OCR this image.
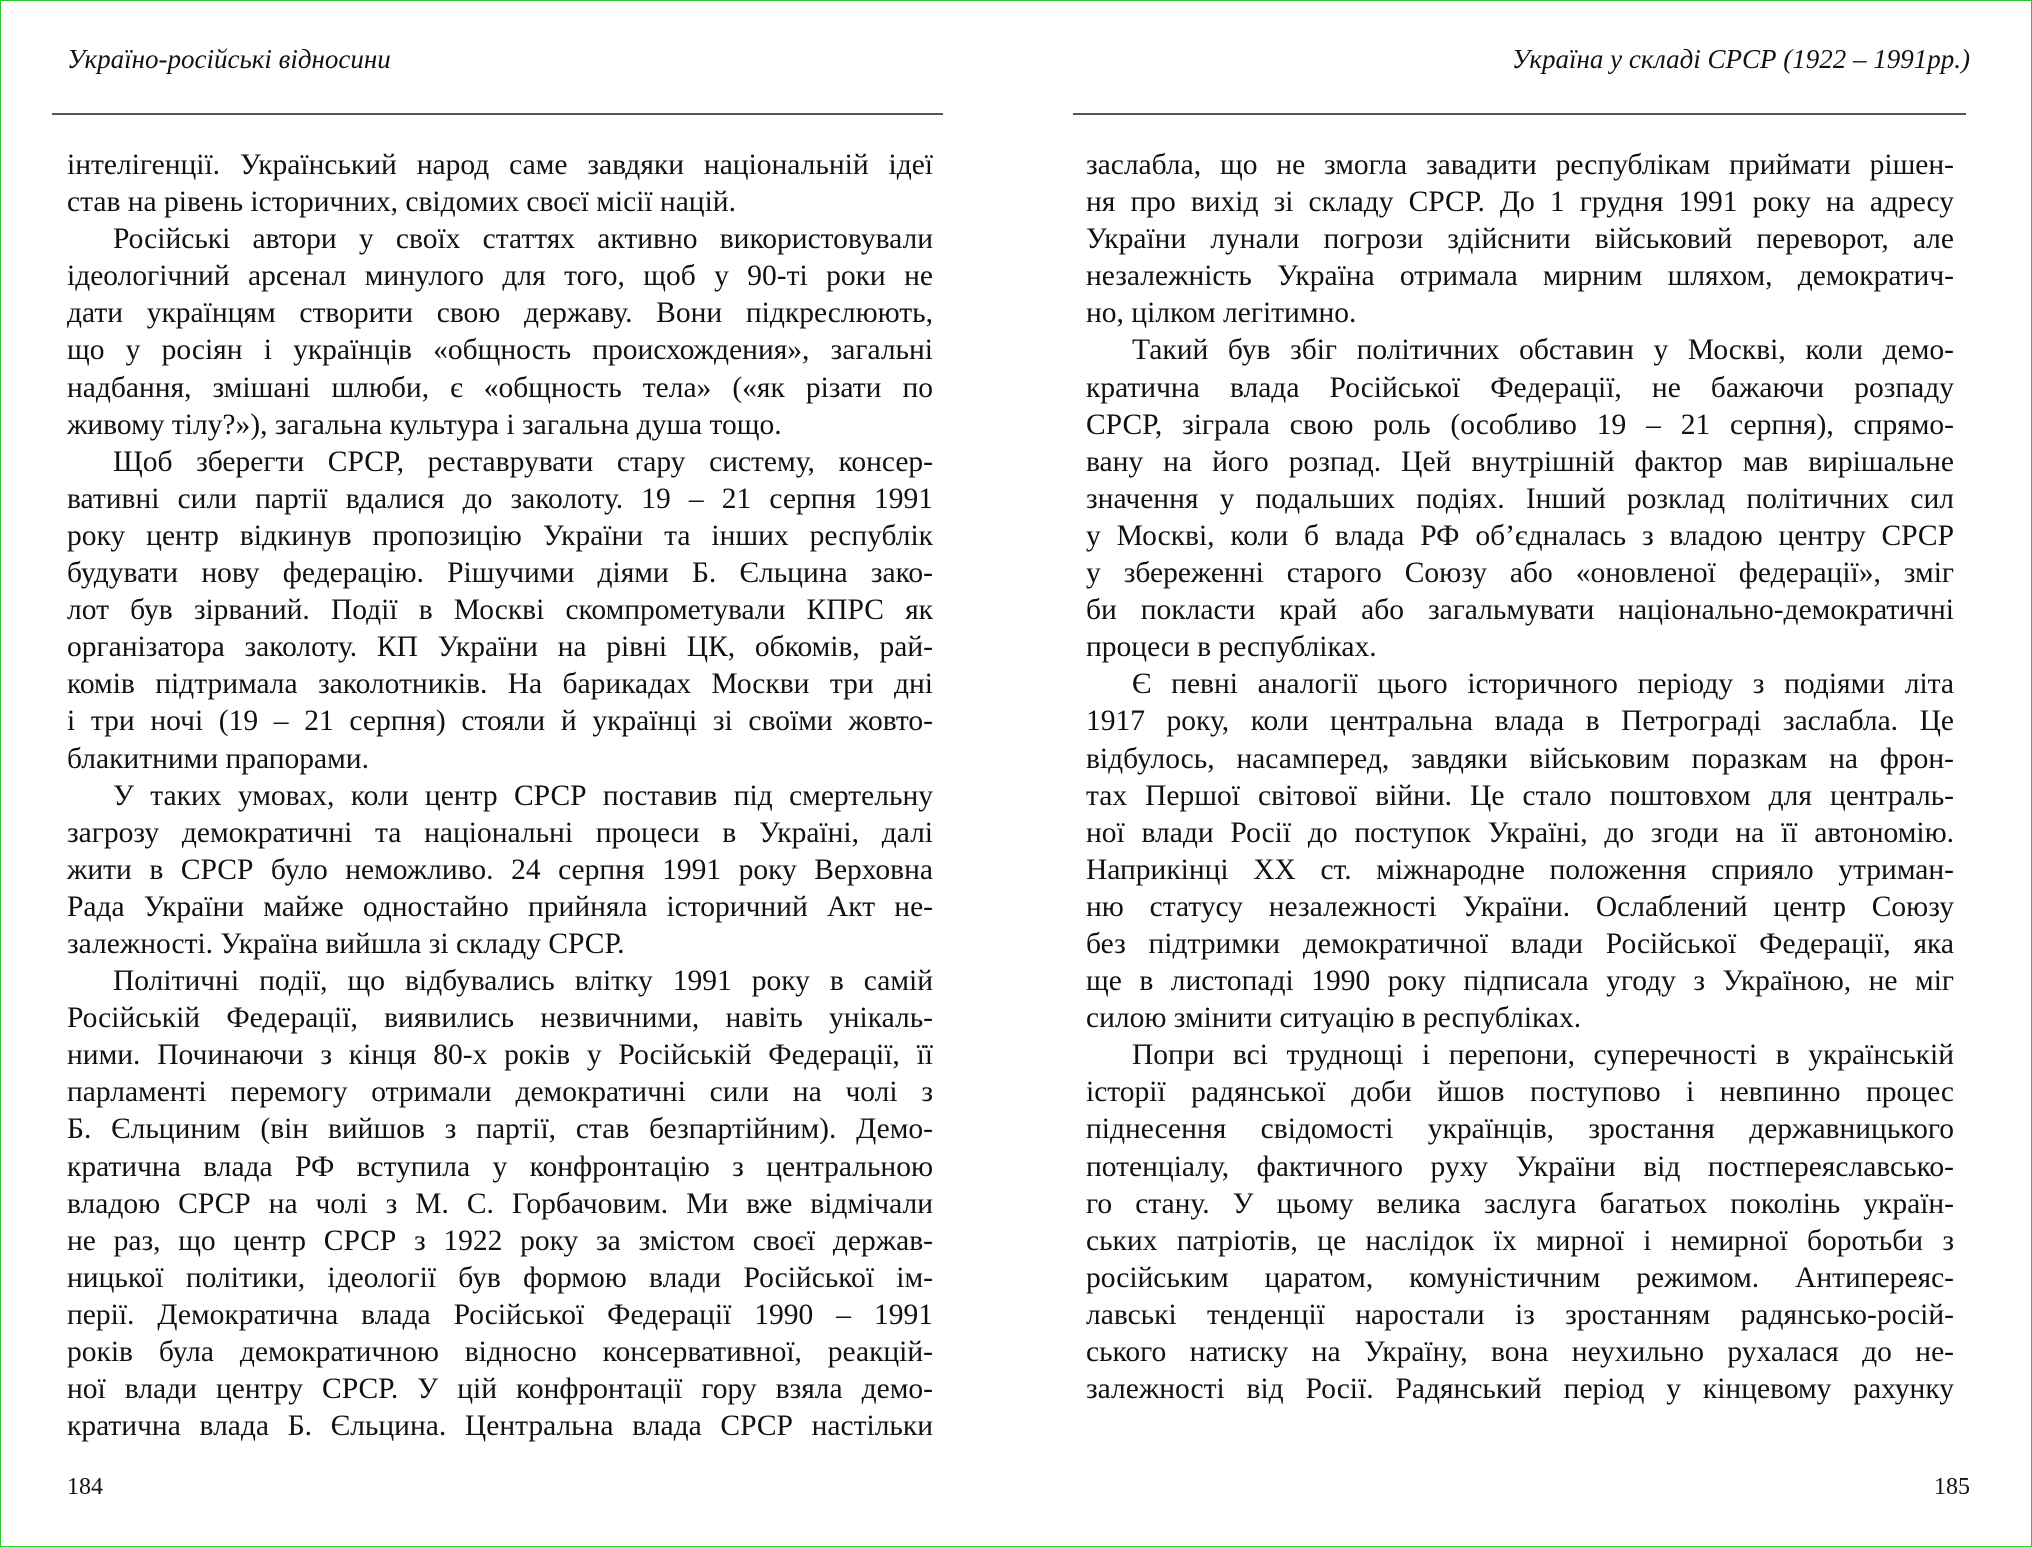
Україно-російські відносини
інтелігенції. Український народ саме завдяки національній ідеї
став на рівень історичних, свідомих своєї місії націй.
Російські автори у своїх статтях активно використовували
ідеологічний арсенал минулого для того, щоб у 90-ті роки не
дати українцям створити свою державу. Вони підкреслюють,
що у росіян і українців «общность происхождения», загальні
надбання, змішані шлюби, є «общность тела» («як різати по
живому тілу?»), загальна культура і загальна душа тощо.
Щоб зберегти СРСР, реставрувати стару систему, консер-
вативні сили партії вдалися до заколоту. 19 – 21 серпня 1991
року центр відкинув пропозицію України та інших республік
будувати нову федерацію. Рішучими діями Б. Єльцина зако-
лот був зірваний. Події в Москві скомпрометували КПРС як
організатора заколоту. КП України на рівні ЦК, обкомів, рай-
комів підтримала заколотників. На барикадах Москви три дні
і три ночі (19 – 21 серпня) стояли й українці зі своїми жовто-
блакитними прапорами.
У таких умовах, коли центр СРСР поставив під смертельну
загрозу демократичні та національні процеси в Україні, далі
жити в СРСР було неможливо. 24 серпня 1991 року Верховна
Рада України майже одностайно прийняла історичний Акт не-
залежності. Україна вийшла зі складу СРСР.
Політичні події, що відбувались влітку 1991 року в самій
Російській Федерації, виявились незвичними, навіть унікаль-
ними. Починаючи з кінця 80-х років у Російській Федерації, її
парламенті перемогу отримали демократичні сили на чолі з
Б. Єльциним (він вийшов з партії, став безпартійним). Демо-
кратична влада РФ вступила у конфронтацію з центральною
владою СРСР на чолі з М. С. Горбачовим. Ми вже відмічали
не раз, що центр СРСР з 1922 року за змістом своєї держав-
ницької політики, ідеології був формою влади Російської ім-
перії. Демократична влада Російської Федерації 1990 – 1991
років була демократичною відносно консервативної, реакцій-
ної влади центру СРСР. У цій конфронтації гору взяла демо-
кратична влада Б. Єльцина. Центральна влада СРСР настільки
184
Україна у складі СРСР (1922 – 1991рр.)
заслабла, що не змогла завадити республікам приймати рішен-
ня про вихід зі складу СРСР. До 1 грудня 1991 року на адресу
України лунали погрози здійснити військовий переворот, але
незалежність Україна отримала мирним шляхом, демократич-
но, цілком легітимно.
Такий був збіг політичних обставин у Москві, коли демо-
кратична влада Російської Федерації, не бажаючи розпаду
СРСР, зіграла свою роль (особливо 19 – 21 серпня), спрямо-
вану на його розпад. Цей внутрішній фактор мав вирішальне
значення у подальших подіях. Інший розклад політичних сил
у Москві, коли б влада РФ об’єдналась з владою центру СРСР
у збереженні старого Союзу або «оновленої федерації», зміг
би покласти край або загальмувати національно-демократичні
процеси в республіках.
Є певні аналогії цього історичного періоду з подіями літа
1917 року, коли центральна влада в Петрограді заслабла. Це
відбулось, насамперед, завдяки військовим поразкам на фрон-
тах Першої світової війни. Це стало поштовхом для централь-
ної влади Росії до поступок Україні, до згоди на її автономію.
Наприкінці ХХ ст. міжнародне положення сприяло утриман-
ню статусу незалежності України. Ослаблений центр Союзу
без підтримки демократичної влади Російської Федерації, яка
ще в листопаді 1990 року підписала угоду з Україною, не міг
силою змінити ситуацію в республіках.
Попри всі труднощі і перепони, суперечності в українській
історії радянської доби йшов поступово і невпинно процес
піднесення свідомості українців, зростання державницького
потенціалу, фактичного руху України від постпереяславсько-
го стану. У цьому велика заслуга багатьох поколінь україн-
ських патріотів, це наслідок їх мирної і немирної боротьби з
російським царатом, комуністичним режимом. Антипереяс-
лавські тенденції наростали із зростанням радянсько-росій-
ського натиску на Україну, вона неухильно рухалася до не-
залежності від Росії. Радянський період у кінцевому рахунку
185
